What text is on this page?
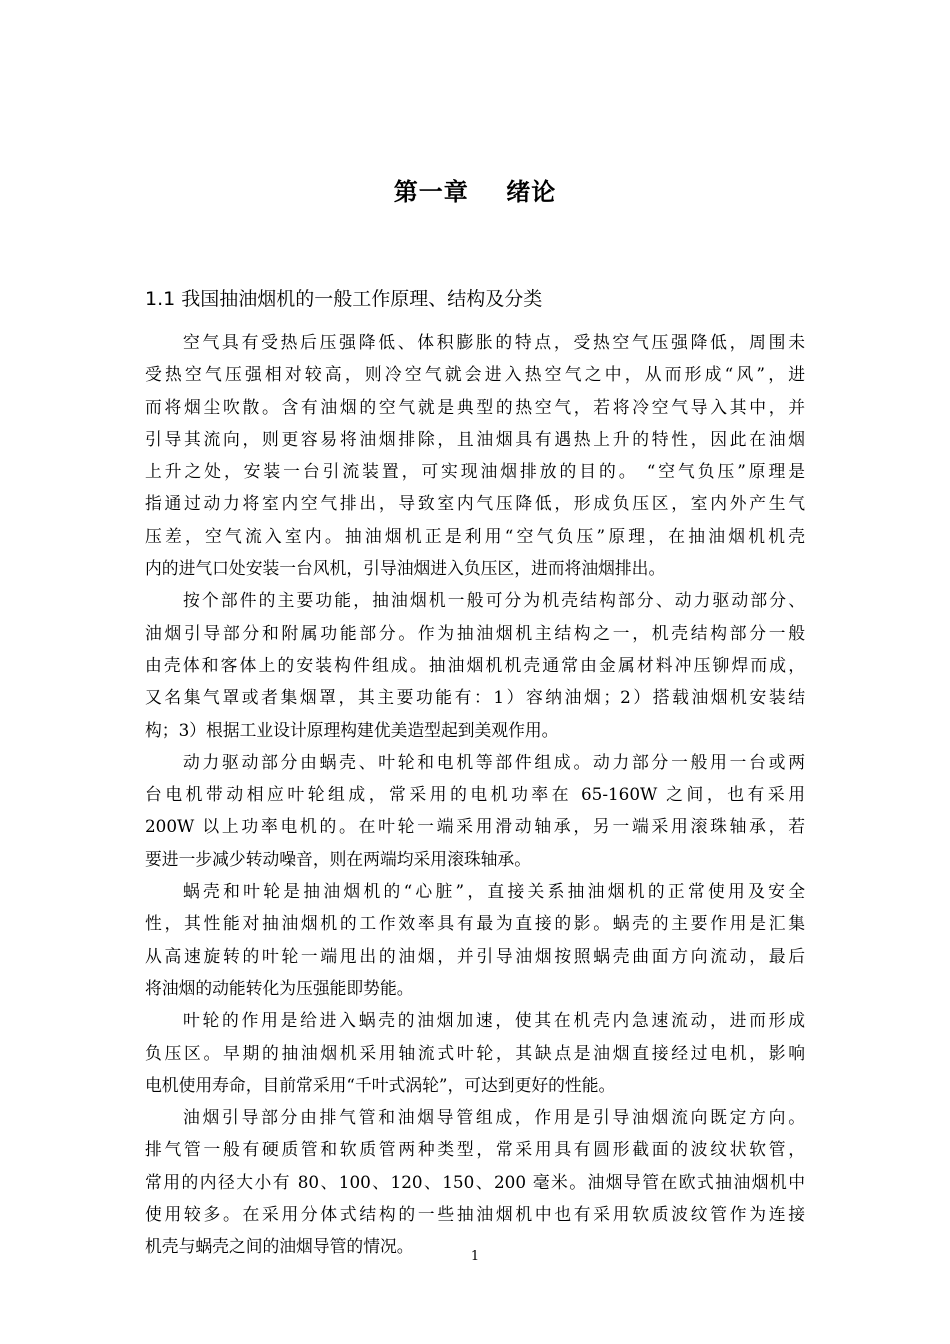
第一章    绪论
1.1 我国抽油烟机的一般工作原理、结构及分类
空气具有受热后压强降低、体积膨胀的特点，受热空气压强降低，周围未
受热空气压强相对较高，则冷空气就会进入热空气之中，从而形成“风”，进
而将烟尘吹散。含有油烟的空气就是典型的热空气，若将冷空气导入其中，并
引导其流向，则更容易将油烟排除，且油烟具有遇热上升的特性，因此在油烟
上升之处，安装一台引流装置，可实现油烟排放的目的。 “空气负压”原理是
指通过动力将室内空气排出，导致室内气压降低，形成负压区，室内外产生气
压差，空气流入室内。抽油烟机正是利用“空气负压”原理，在抽油烟机机壳
内的进气口处安装一台风机，引导油烟进入负压区，进而将油烟排出。
按个部件的主要功能，抽油烟机一般可分为机壳结构部分、动力驱动部分、
油烟引导部分和附属功能部分。作为抽油烟机主结构之一，机壳结构部分一般
由壳体和客体上的安装构件组成。抽油烟机机壳通常由金属材料冲压铆焊而成，
又名集气罩或者集烟罩，其主要功能有：1）容纳油烟；2）搭载油烟机安装结
构；3）根据工业设计原理构建优美造型起到美观作用。
动力驱动部分由蜗壳、叶轮和电机等部件组成。动力部分一般用一台或两
台电机带动相应叶轮组成，常采用的电机功率在 65-160W 之间，也有采用
200W 以上功率电机的。在叶轮一端采用滑动轴承，另一端采用滚珠轴承，若
要进一步减少转动噪音，则在两端均采用滚珠轴承。
蜗壳和叶轮是抽油烟机的“心脏”，直接关系抽油烟机的正常使用及安全
性，其性能对抽油烟机的工作效率具有最为直接的影。蜗壳的主要作用是汇集
从高速旋转的叶轮一端甩出的油烟，并引导油烟按照蜗壳曲面方向流动，最后
将油烟的动能转化为压强能即势能。
叶轮的作用是给进入蜗壳的油烟加速，使其在机壳内急速流动，进而形成
负压区。早期的抽油烟机采用轴流式叶轮，其缺点是油烟直接经过电机，影响
电机使用寿命，目前常采用“千叶式涡轮”，可达到更好的性能。
油烟引导部分由排气管和油烟导管组成，作用是引导油烟流向既定方向。
排气管一般有硬质管和软质管两种类型，常采用具有圆形截面的波纹状软管，
常用的内径大小有 80、100、120、150、200 毫米。油烟导管在欧式抽油烟机中
使用较多。在采用分体式结构的一些抽油烟机中也有采用软质波纹管作为连接
机壳与蜗壳之间的油烟导管的情况。
1
